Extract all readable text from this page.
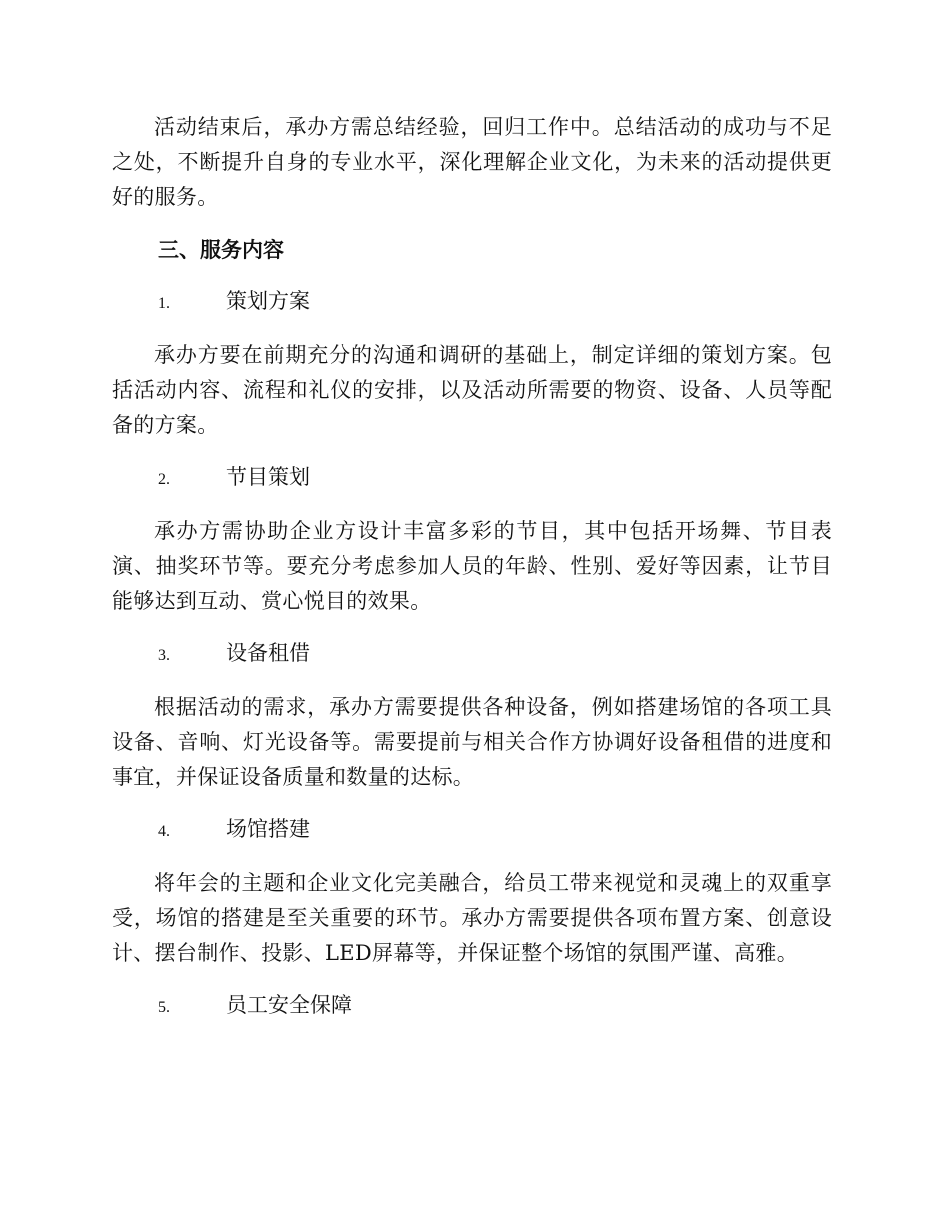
活动结束后，承办方需总结经验，回归工作中。总结活动的成功与不足之处，不断提升自身的专业水平，深化理解企业文化，为未来的活动提供更好的服务。

三、服务内容
1.	策划方案

承办方要在前期充分的沟通和调研的基础上，制定详细的策划方案。包括活动内容、流程和礼仪的安排，以及活动所需要的物资、设备、人员等配备的方案。

2.	节目策划

承办方需协助企业方设计丰富多彩的节目，其中包括开场舞、节目表演、抽奖环节等。要充分考虑参加人员的年龄、性别、爱好等因素，让节目能够达到互动、赏心悦目的效果。

3.	设备租借

根据活动的需求，承办方需要提供各种设备，例如搭建场馆的各项工具设备、音响、灯光设备等。需要提前与相关合作方协调好设备租借的进度和事宜，并保证设备质量和数量的达标。

4.	场馆搭建

将年会的主题和企业文化完美融合，给员工带来视觉和灵魂上的双重享受，场馆的搭建是至关重要的环节。承办方需要提供各项布置方案、创意设计、摆台制作、投影、LED屏幕等，并保证整个场馆的氛围严谨、高雅。

5.	员工安全保障
